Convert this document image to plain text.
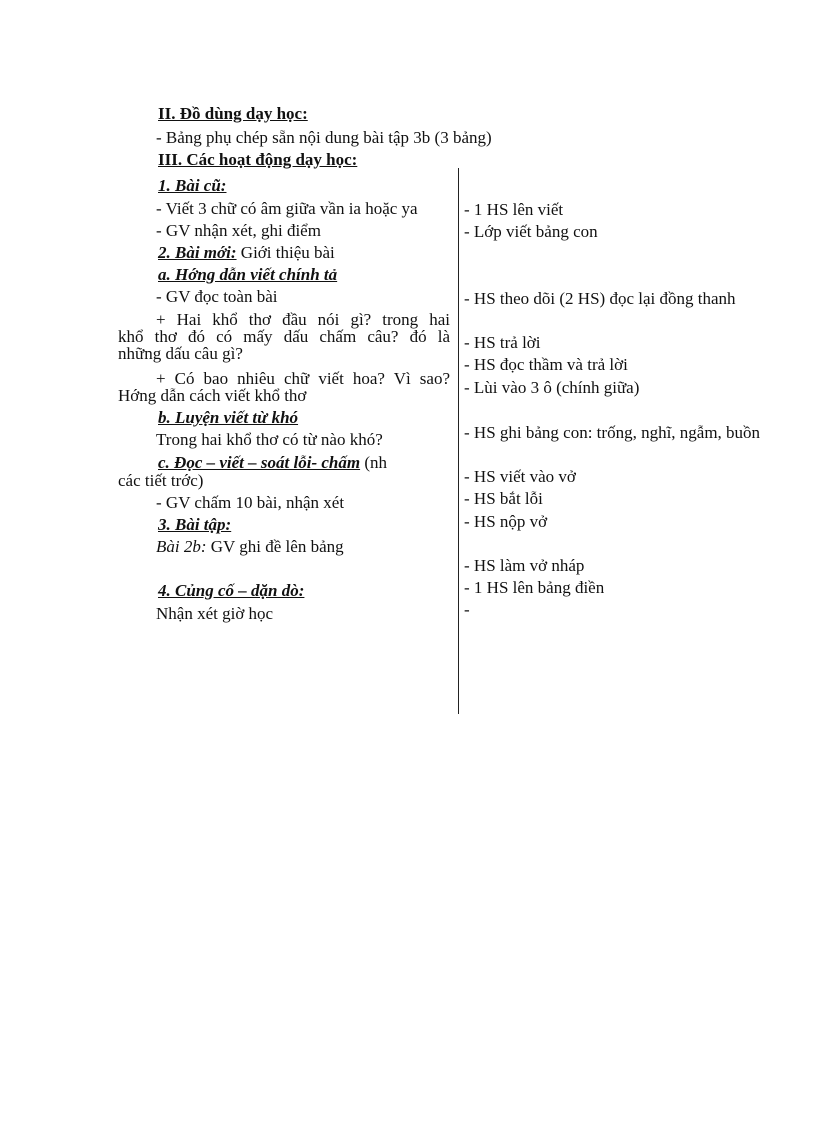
II. Đồ dùng dạy học:
- Bảng phụ chép sẵn nội dung bài tập 3b (3 bảng)
III. Các hoạt động dạy học:
1. Bài cũ:
- Viết 3 chữ có âm giữa vần ia hoặc ya
- GV nhận xét, ghi điểm
2. Bài mới: Giới thiệu bài
a. Hớng dẫn viết chính tả
- GV đọc toàn bài
+ Hai khổ thơ đầu nói gì? trong hai
khổ thơ đó có mấy dấu chấm câu? đó là
những dấu câu gì?
+ Có bao nhiêu chữ viết hoa? Vì sao?
Hớng dẫn cách viết khổ thơ
b. Luyện viết từ khó
Trong hai khổ thơ có từ nào khó?
c. Đọc – viết – soát lỗi- chấm (nh
các tiết trớc)
- GV chấm 10 bài, nhận xét
3. Bài tập:
Bài 2b: GV ghi đề lên bảng
4. Củng cố – dặn dò:
Nhận xét giờ học
- 1 HS lên viết
- Lớp viết bảng con
- HS theo dõi (2 HS) đọc lại đồng thanh
- HS trả lời
- HS đọc thầm và trả lời
- Lùi vào 3 ô (chính giữa)
- HS ghi bảng con: trống, nghĩ, ngẫm, buồn
- HS viết vào vở
- HS bắt lỗi
- HS nộp vở
- HS làm vở nháp
- 1 HS lên bảng điền
-
